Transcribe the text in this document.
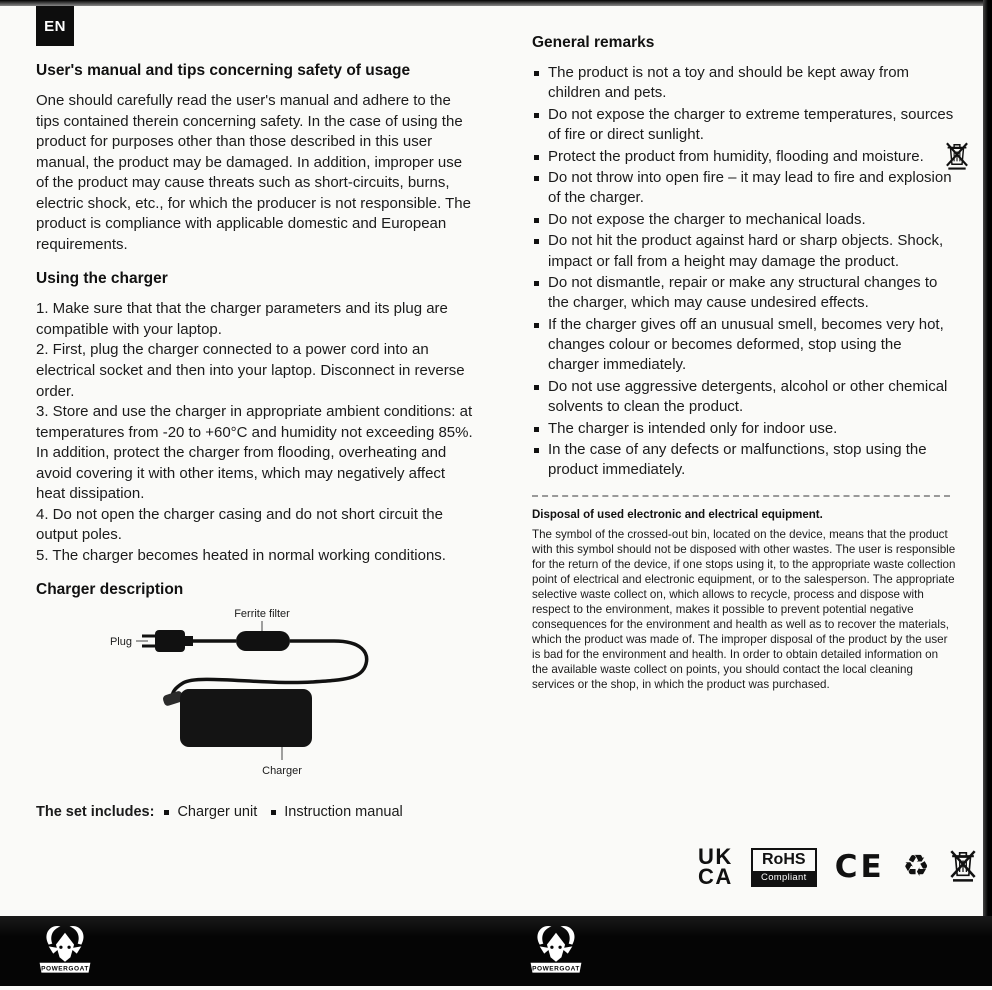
EN
User's manual and tips concerning safety of usage

One should carefully read the user's manual and adhere to the tips contained therein concerning safety. In the case of using the product for purposes other than those described in this user manual, the product may be damaged. In addition, improper use of the product may cause threats such as short-circuits, burns, electric shock, etc., for which the producer is not responsible. The product is compliance with applicable domestic and European requirements.

Using the charger

1. Make sure that that the charger parameters and its plug are compatible with your laptop.

2. First, plug the charger connected to a power cord into an electrical socket and then into your laptop. Disconnect in reverse order.

3. Store and use the charger in appropriate ambient conditions: at temperatures from -20 to +60°C and humidity not exceeding 85%. In addition, protect the charger from flooding, overheating and avoid covering it with other items, which may negatively affect heat dissipation.

4. Do not open the charger casing and do not short circuit the output poles.

5. The charger becomes heated in normal working conditions.

Charger description
Ferrite filter
Plug
Charger
The set includes: Charger unit Instruction manual
General remarks
The product is not a toy and should be kept away from children and pets.
Do not expose the charger to extreme temperatures, sources of fire or direct sunlight.
Protect the product from humidity, flooding and moisture.
Do not throw into open fire – it may lead to fire and explosion of the charger.
Do not expose the charger to mechanical loads.
Do not hit the product against hard or sharp objects. Shock, impact or fall from a height may damage the product.
Do not dismantle, repair or make any structural changes to the charger, which may cause undesired effects.
If the charger gives off an unusual smell, becomes very hot, changes colour or becomes deformed, stop using the charger immediately.
Do not use aggressive detergents, alcohol or other chemical solvents to clean the product.
The charger is intended only for indoor use.
In the case of any defects or malfunctions, stop using the product immediately.
Disposal of used electronic and electrical equipment.

The symbol of the crossed-out bin, located on the device, means that the product with this symbol should not be disposed with other wastes. The user is responsible for the return of the device, if one stops using it, to the appropriate waste collection point of electrical and electronic equipment, or to the salesperson. The appropriate selective waste collect on, which allows to recycle, process and dispose with respect to the environment, makes it possible to prevent potential negative consequences for the environment and health as well as to recover the materials, which the product was made of. The improper disposal of the product by the user is bad for the environment and health. In order to obtain detailed information on the available waste collect on points, you should contact the local cleaning services or the shop, in which the product was purchased.

UK
CA
RoHS
Compliant CE ♻
POWERGOAT	POWERGOAT
